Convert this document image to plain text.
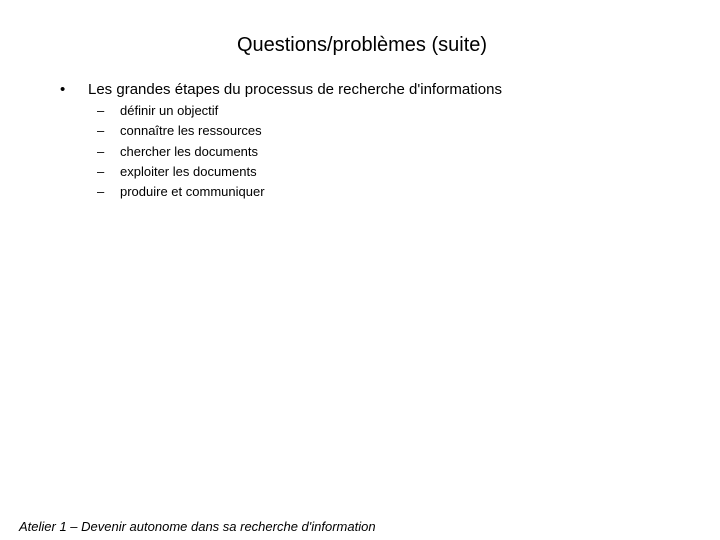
Questions/problèmes (suite)
• Les grandes étapes du processus de recherche d'informations
– définir un objectif
– connaître les ressources
– chercher les documents
– exploiter les documents
– produire et communiquer
Atelier 1 – Devenir autonome dans sa recherche d'information
